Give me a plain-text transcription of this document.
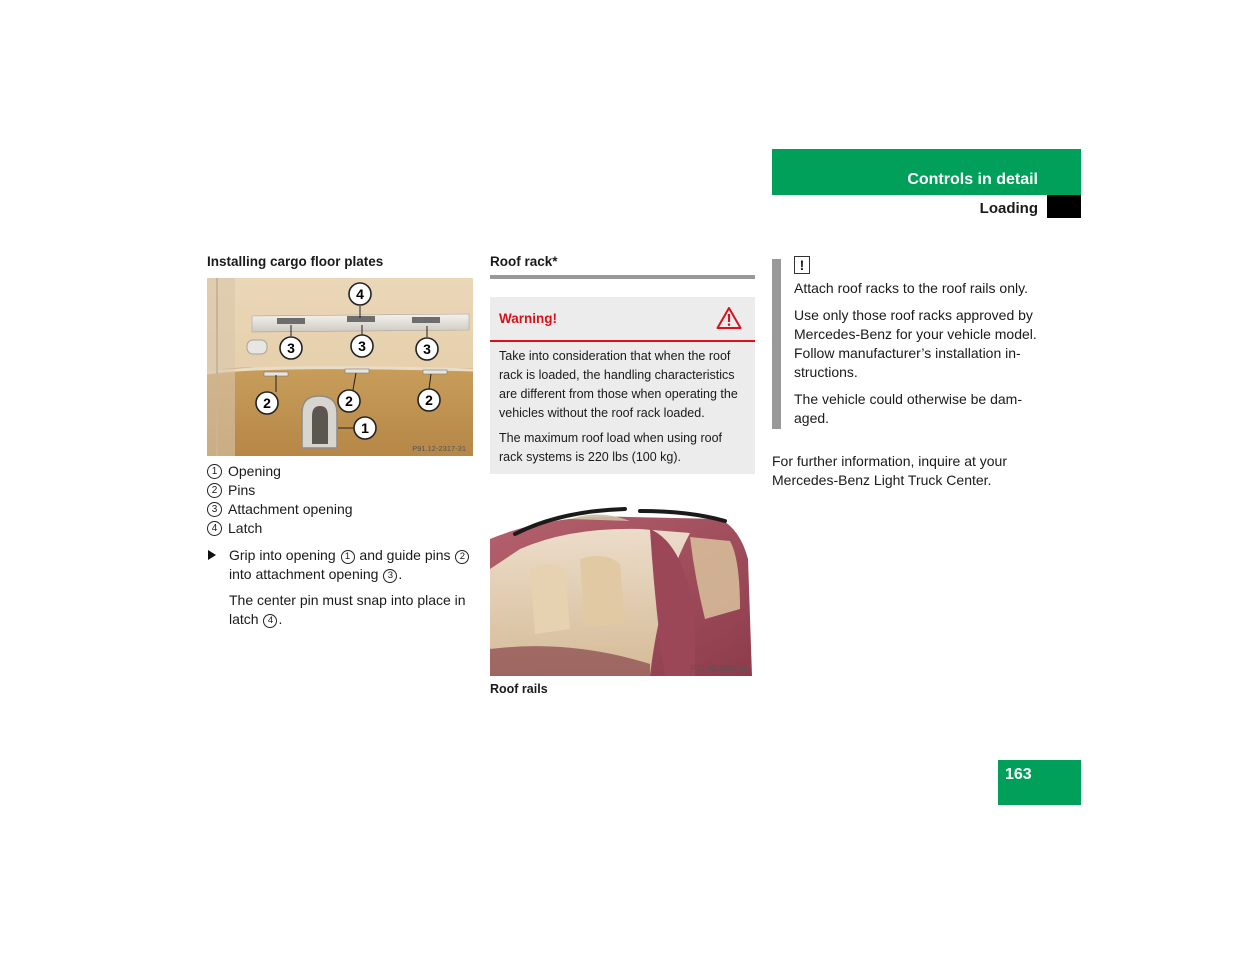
Controls in detail
Loading
Installing cargo floor plates
4
3	3	3
2	2	2
1
P91.12-2317-31
1 Opening
2 Pins
3 Attachment opening
4 Latch
Grip into opening 1 and guide pins 2 into attachment opening 3 .
The center pin must snap into place in latch 4 .
Roof rack*
Warning!

Take into consideration that when the roof rack is loaded, the handling characteristics are different from those when operating the vehicles without the roof rack loaded.

The maximum roof load when using roof rack systems is 220 lbs (100 kg).

P77.40-2040-31
Roof rails
!

Attach roof racks to the roof rails only.

Use only those roof racks approved by Mercedes-Benz for your vehicle model. Follow manufacturer’s installation in-structions.

The vehicle could otherwise be dam-aged.

For further information, inquire at your Mercedes-Benz Light Truck Center.
163
